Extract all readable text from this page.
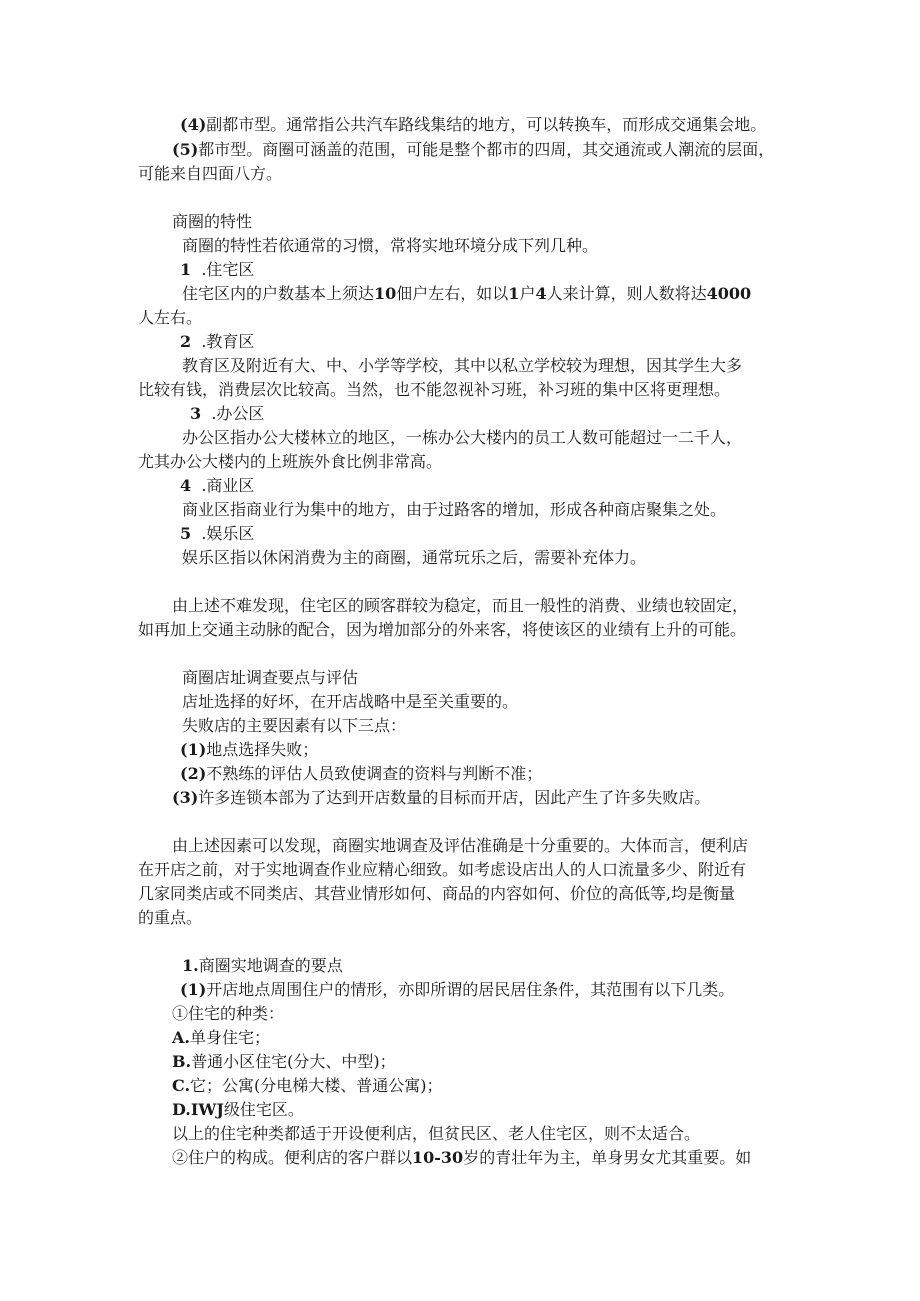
(4)副都市型。通常指公共汽车路线集结的地方，可以转换车，而形成交通集会地。

(5)都市型。商圈可涵盖的范围，可能是整个都市的四周，其交通流或人潮流的层面，

可能来自四面八方。

商圈的特性

商圈的特性若依通常的习惯，常将实地环境分成下列几种。

1 .住宅区

住宅区内的户数基本上须达10佃户左右，如以1户4人来计算，则人数将达4000

人左右。

2 .教育区

教育区及附近有大、中、小学等学校，其中以私立学校较为理想，因其学生大多

比较有钱，消费层次比较高。当然，也不能忽视补习班，补习班的集中区将更理想。

3 .办公区

办公区指办公大楼林立的地区，一栋办公大楼内的员工人数可能超过一二千人，

尤其办公大楼内的上班族外食比例非常高。

4 .商业区

商业区指商业行为集中的地方，由于过路客的增加，形成各种商店聚集之处。

5 .娱乐区

娱乐区指以休闲消费为主的商圈，通常玩乐之后，需要补充体力。

由上述不难发现，住宅区的顾客群较为稳定，而且一般性的消费、业绩也较固定，

如再加上交通主动脉的配合，因为增加部分的外来客，将使该区的业绩有上升的可能。

商圈店址调查要点与评估

店址选择的好坏，在开店战略中是至关重要的。

失败店的主要因素有以下三点：

(1)地点选择失败；

(2)不熟练的评估人员致使调查的资料与判断不准；

(3)许多连锁本部为了达到开店数量的目标而开店，因此产生了许多失败店。

由上述因素可以发现，商圈实地调查及评估准确是十分重要的。大体而言，便利店

在开店之前，对于实地调查作业应精心细致。如考虑设店出人的人口流量多少、附近有

几家同类店或不同类店、其营业情形如何、商品的内容如何、价位的高低等,均是衡量

的重点。

1.商圈实地调查的要点

(1)开店地点周围住户的情形，亦即所谓的居民居住条件，其范围有以下几类。

①住宅的种类：

A.单身住宅；

B.普通小区住宅(分大、中型)；

C.它；公寓(分电梯大楼、普通公寓)；

D.IWJ级住宅区。

以上的住宅种类都适于开设便利店，但贫民区、老人住宅区，则不太适合。

②住户的构成。便利店的客户群以10-30岁的青壮年为主，单身男女尤其重要。如
